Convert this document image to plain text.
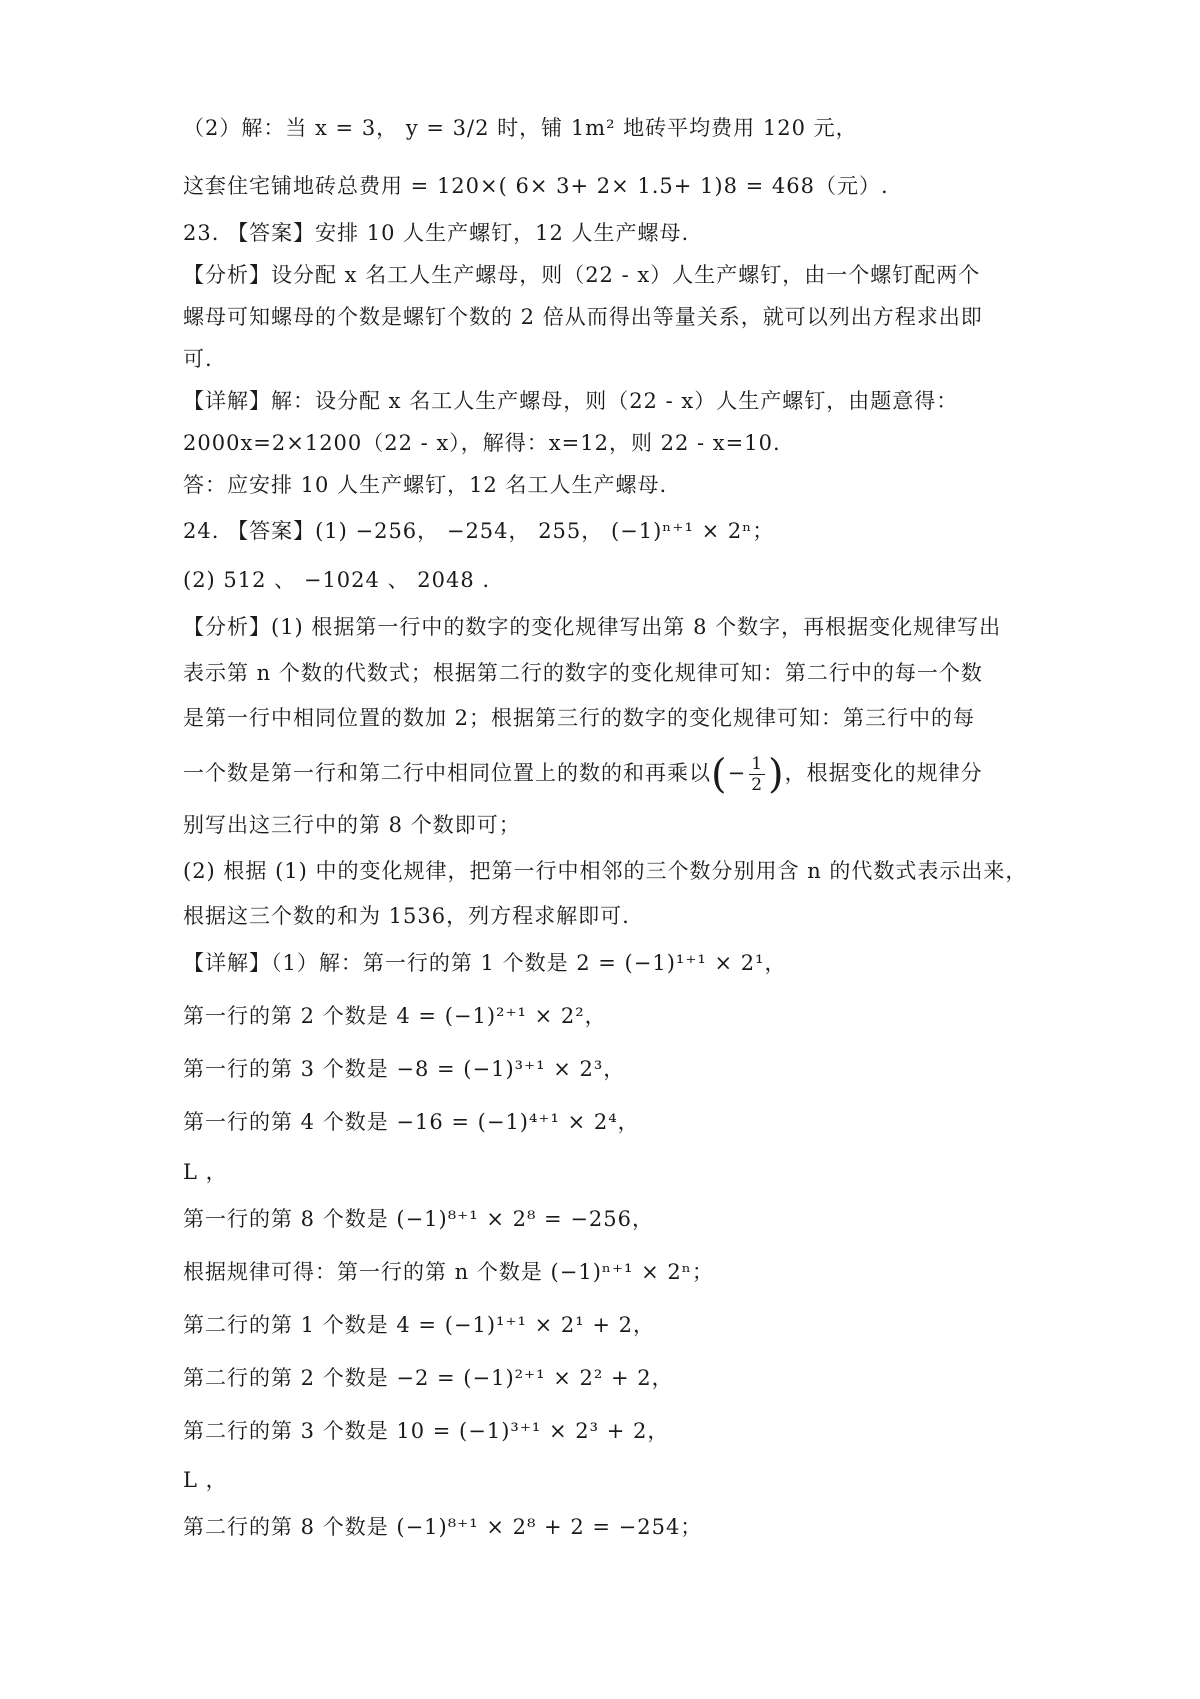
（2）解：当 x = 3， y = 3/2 时，铺 1m² 地砖平均费用 120 元，
这套住宅铺地砖总费用 = 120×( 6× 3+ 2× 1.5+ 1)8 = 468（元）.
23. 【答案】安排 10 人生产螺钉，12 人生产螺母.
【分析】设分配 x 名工人生产螺母，则（22 - x）人生产螺钉，由一个螺钉配两个
螺母可知螺母的个数是螺钉个数的 2 倍从而得出等量关系，就可以列出方程求出即
可.
【详解】解：设分配 x 名工人生产螺母，则（22 - x）人生产螺钉，由题意得：
2000x=2×1200（22 - x），解得：x=12，则 22 - x=10.
答：应安排 10 人生产螺钉，12 名工人生产螺母.
24. 【答案】(1) −256， −254， 255， (−1)ⁿ⁺¹ × 2ⁿ；
(2) 512 、 −1024 、 2048 .
【分析】(1) 根据第一行中的数字的变化规律写出第 8 个数字，再根据变化规律写出
表示第 n 个数的代数式；根据第二行的数字的变化规律可知：第二行中的每一个数
是第一行中相同位置的数加 2；根据第三行的数字的变化规律可知：第三行中的每
一个数是第一行和第二行中相同位置上的数的和再乘以(− $\frac{1}{2}$ )，根据变化的规律分
别写出这三行中的第 8 个数即可；
(2) 根据 (1) 中的变化规律，把第一行中相邻的三个数分别用含 n 的代数式表示出来，
根据这三个数的和为 1536，列方程求解即可.
【详解】（1）解：第一行的第 1 个数是 2 = (−1)¹⁺¹ × 2¹，
第一行的第 2 个数是 4 = (−1)²⁺¹ × 2²，
第一行的第 3 个数是 −8 = (−1)³⁺¹ × 2³，
第一行的第 4 个数是 −16 = (−1)⁴⁺¹ × 2⁴，
L ，
第一行的第 8 个数是 (−1)⁸⁺¹ × 2⁸ = −256，
根据规律可得：第一行的第 n 个数是 (−1)ⁿ⁺¹ × 2ⁿ；
第二行的第 1 个数是 4 = (−1)¹⁺¹ × 2¹ + 2，
第二行的第 2 个数是 −2 = (−1)²⁺¹ × 2² + 2，
第二行的第 3 个数是 10 = (−1)³⁺¹ × 2³ + 2，
L ，
第二行的第 8 个数是 (−1)⁸⁺¹ × 2⁸ + 2 = −254；
